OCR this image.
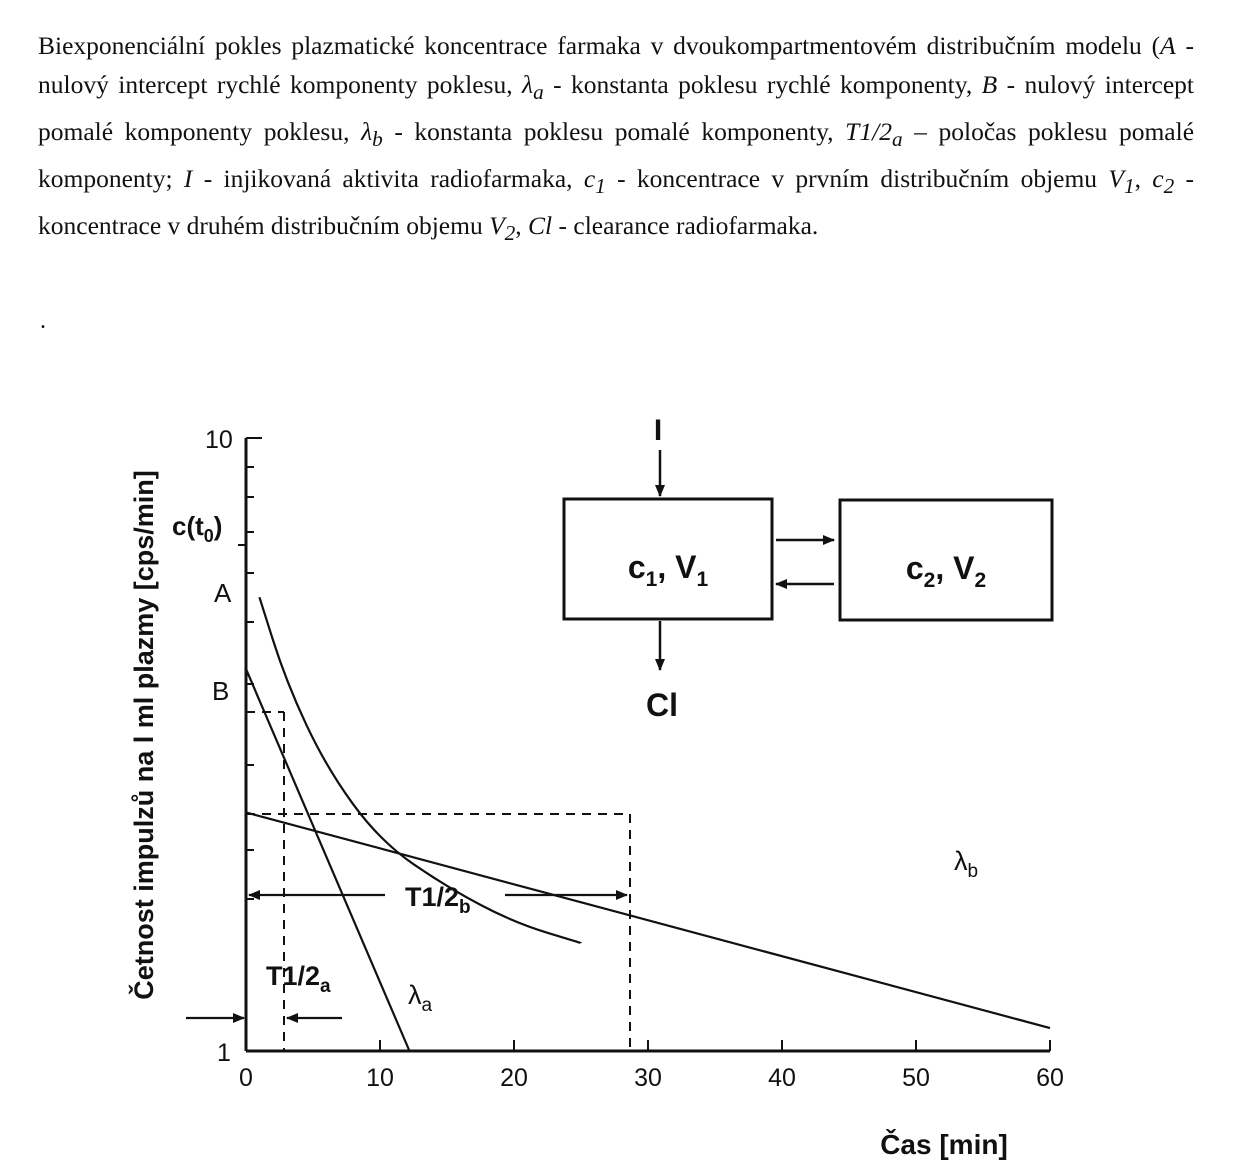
Biexponenciální pokles plazmatické koncentrace farmaka v dvoukompartmentovém distribučním modelu (A - nulový intercept rychlé komponenty poklesu, $\lambda_a$ - konstanta poklesu rychlé komponenty, B - nulový intercept pomalé komponenty poklesu, $\lambda_b$ - konstanta poklesu pomalé komponenty, $T1/2_a$ – poločas poklesu pomalé komponenty; I - injikovaná aktivita radiofarmaka, $c_1$ - koncentrace v prvním distribučním objemu $V_1$, $c_2$ - koncentrace v druhém distribučním objemu $V_2$, Cl - clearance radiofarmaka.
.
10
1
0	10	20	30	40	50	60
Četnost impulzů na l ml plazmy [cps/min]
Čas [min]
$c(t_0)$
A
B
$T1/2_b$
$T1/2_a$	$\lambda_a$
$\lambda_b$
I
$c_1$, $V_1$	$c_2$, $V_2$
Cl
